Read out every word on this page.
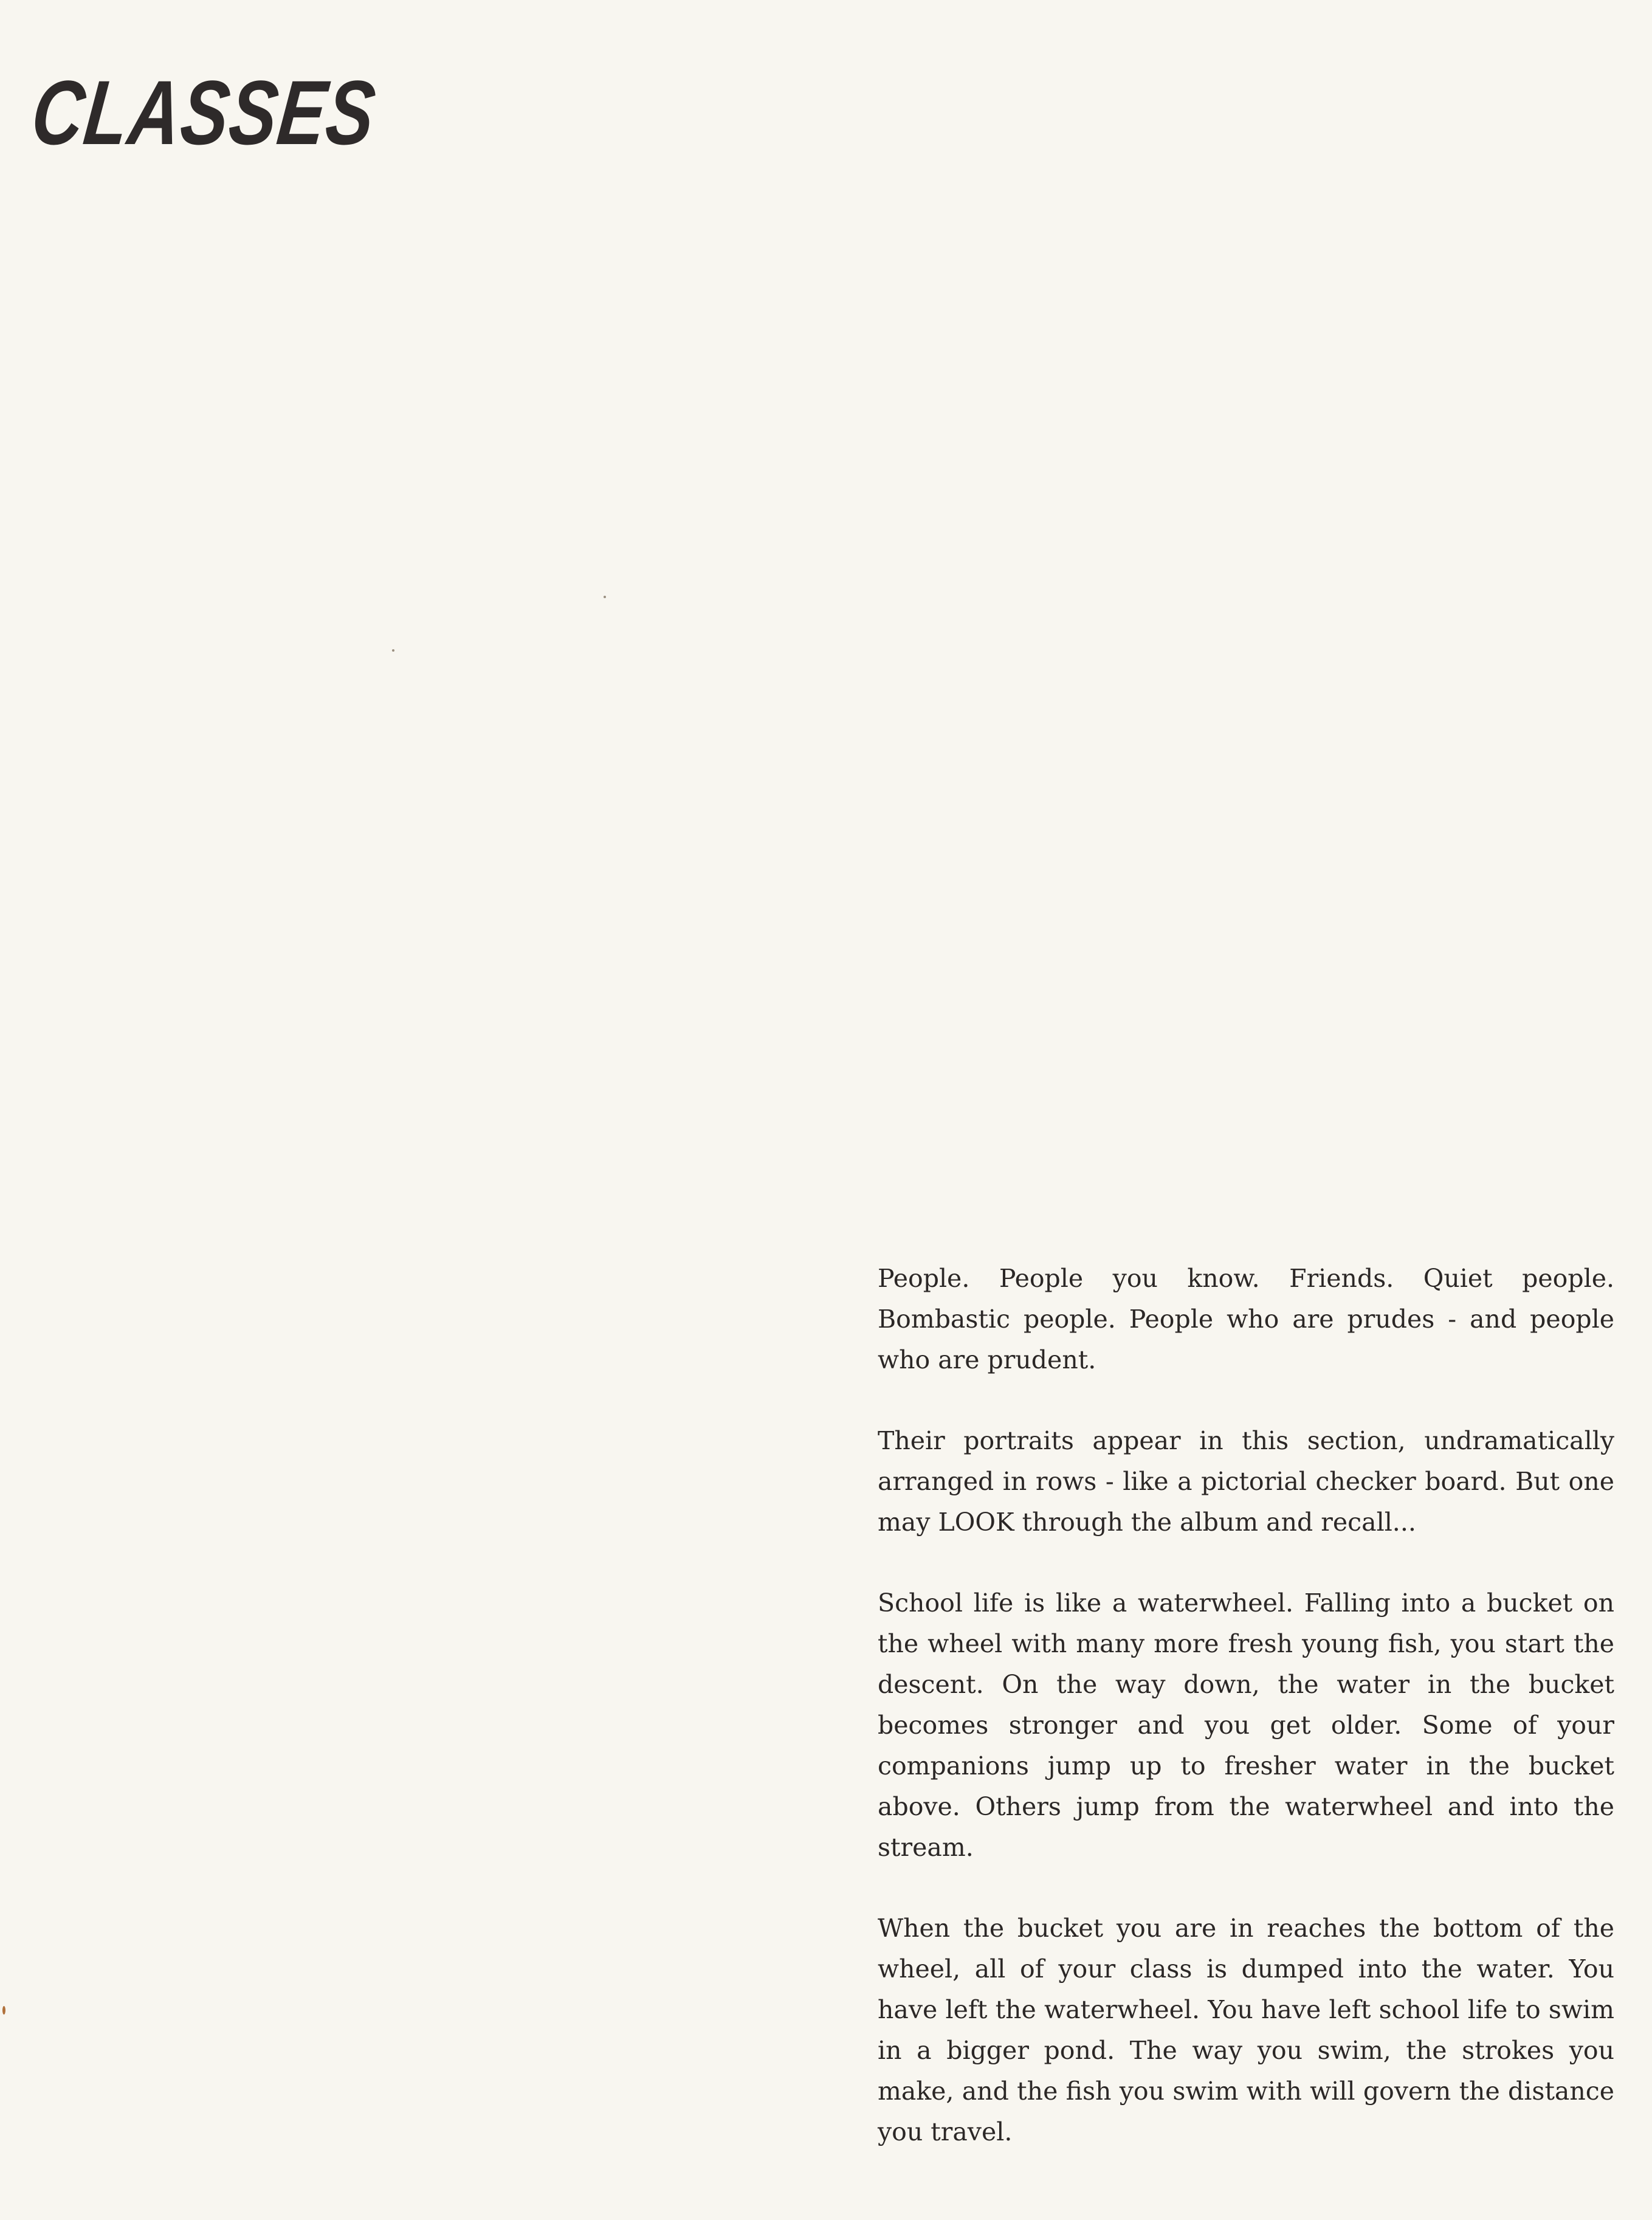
CLASSES

People. People you know. Friends. Quiet people. Bombastic people. People who are prudes - and people who are prudent.

Their portraits appear in this section, undramatically arranged in rows - like a pictorial checker board. But one may LOOK through the album and recall...

School life is like a waterwheel. Falling into a bucket on the wheel with many more fresh young fish, you start the descent. On the way down, the water in the bucket becomes stronger and you get older. Some of your companions jump up to fresher water in the bucket above. Others jump from the waterwheel and into the stream.

When the bucket you are in reaches the bottom of the wheel, all of your class is dumped into the water. You have left the waterwheel. You have left school life to swim in a bigger pond. The way you swim, the strokes you make, and the fish you swim with will govern the distance you travel.
